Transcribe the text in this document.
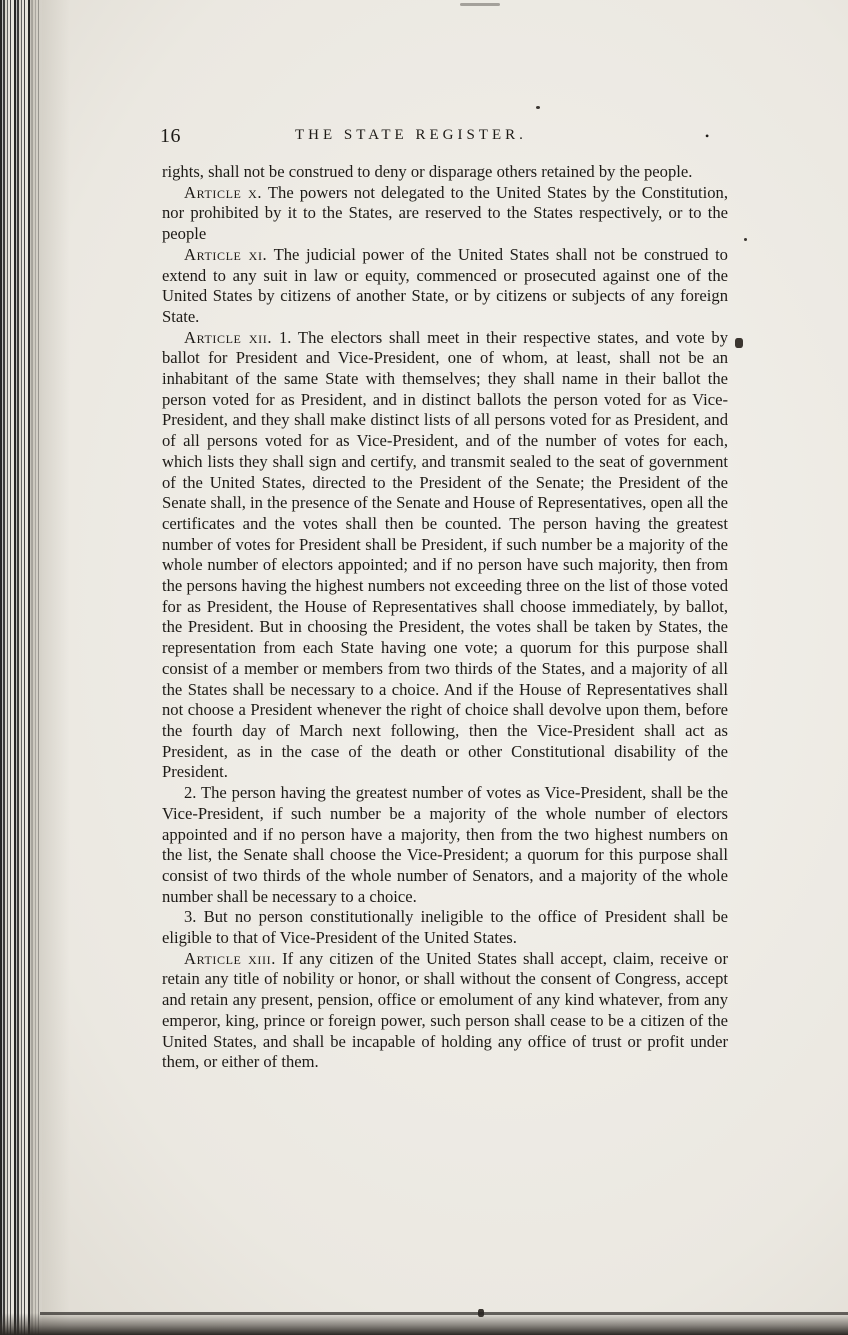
16	THE STATE REGISTER.	•

rights, shall not be construed to deny or disparage others retained by the people.

Article x. The powers not delegated to the United States by the Constitution, nor prohibited by it to the States, are reserved to the States respectively, or to the people

Article xi. The judicial power of the United States shall not be construed to extend to any suit in law or equity, commenced or prosecuted against one of the United States by citizens of another State, or by citizens or subjects of any foreign State.

Article xii. 1. The electors shall meet in their respective states, and vote by ballot for President and Vice-President, one of whom, at least, shall not be an inhabitant of the same State with themselves; they shall name in their ballot the person voted for as President, and in distinct ballots the person voted for as Vice-President, and they shall make distinct lists of all persons voted for as President, and of all persons voted for as Vice-President, and of the number of votes for each, which lists they shall sign and certify, and transmit sealed to the seat of government of the United States, directed to the President of the Senate; the President of the Senate shall, in the presence of the Senate and House of Representatives, open all the certificates and the votes shall then be counted. The person having the greatest number of votes for President shall be President, if such number be a majority of the whole number of electors appointed; and if no person have such majority, then from the persons having the highest numbers not exceeding three on the list of those voted for as President, the House of Representatives shall choose immediately, by ballot, the President. But in choosing the President, the votes shall be taken by States, the representation from each State having one vote; a quorum for this purpose shall consist of a member or members from two thirds of the States, and a majority of all the States shall be necessary to a choice. And if the House of Representatives shall not choose a President whenever the right of choice shall devolve upon them, before the fourth day of March next following, then the Vice-President shall act as President, as in the case of the death or other Constitutional disability of the President.

2. The person having the greatest number of votes as Vice-President, shall be the Vice-President, if such number be a majority of the whole number of electors appointed and if no person have a majority, then from the two highest numbers on the list, the Senate shall choose the Vice-President; a quorum for this purpose shall consist of two thirds of the whole number of Senators, and a majority of the whole number shall be necessary to a choice.

3. But no person constitutionally ineligible to the office of President shall be eligible to that of Vice-President of the United States.

Article xiii. If any citizen of the United States shall accept, claim, receive or retain any title of nobility or honor, or shall without the consent of Congress, accept and retain any present, pension, office or emolument of any kind whatever, from any emperor, king, prince or foreign power, such person shall cease to be a citizen of the United States, and shall be incapable of holding any office of trust or profit under them, or either of them.
